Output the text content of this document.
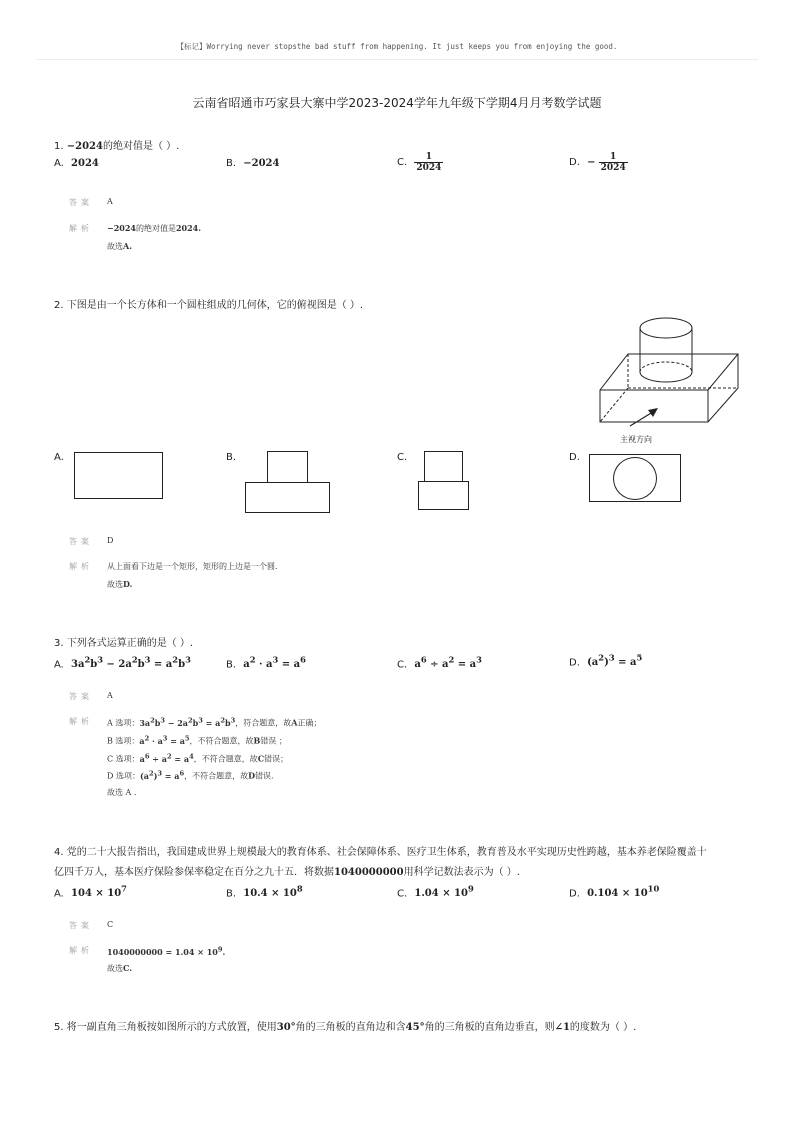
【标记】Worrying never stopsthe bad stuff from happening. It just keeps you from enjoying the good.
云南省昭通市巧家县大寨中学2023-2024学年九年级下学期4月月考数学试题
1. −2024的绝对值是（ ）.
A. 2024	B. −2024	C. $\frac{1}{2024}$	D. − $\frac{1}{2024}$
答案 A
解析 −2024的绝对值是2024.
故选A.
2. 下图是由一个长方体和一个圆柱组成的几何体，它的俯视图是（ ）.
主视方向
A.	B.	C.	D.
答案 D
解析 从上面看下边是一个矩形，矩形的上边是一个圆.
故选D.
3. 下列各式运算正确的是（ ）.
A. $3a^2b^3 - 2a^2b^3 = a^2b^3$	B. $a^2 \cdot a^3 = a^6$	C. $a^6 \div a^2 = a^3$	D. $(a^2)^3 = a^5$
答案 A
解析 A 选项：$3a^2b^3 - 2a^2b^3 = a^2b^3$，符合题意，故A正确；
B 选项：$a^2 \cdot a^3 = a^5$，不符合题意，故B错误 ；
C 选项：$a^6 \div a^2 = a^4$，不符合题意，故C错误；
D 选项：$(a^2)^3 = a^6$，不符合题意，故D错误.
故选 A .
4. 党的二十大报告指出，我国建成世界上规模最大的教育体系、社会保障体系、医疗卫生体系，教育普及水平实现历史性跨越，基本养老保险覆盖十
亿四千万人，基本医疗保险参保率稳定在百分之九十五．将数据1040000000用科学记数法表示为（ ）.
A. $104 \times 10^7$	B. $10.4 \times 10^8$	C. $1.04 \times 10^9$	D. $0.104 \times 10^{10}$
答案 C
解析 $1040000000 = 1.04 \times 10^9$.
故选C.
5. 将一副直角三角板按如图所示的方式放置，使用30°角的三角板的直角边和含45°角的三角板的直角边垂直，则∠1的度数为（ ）.
